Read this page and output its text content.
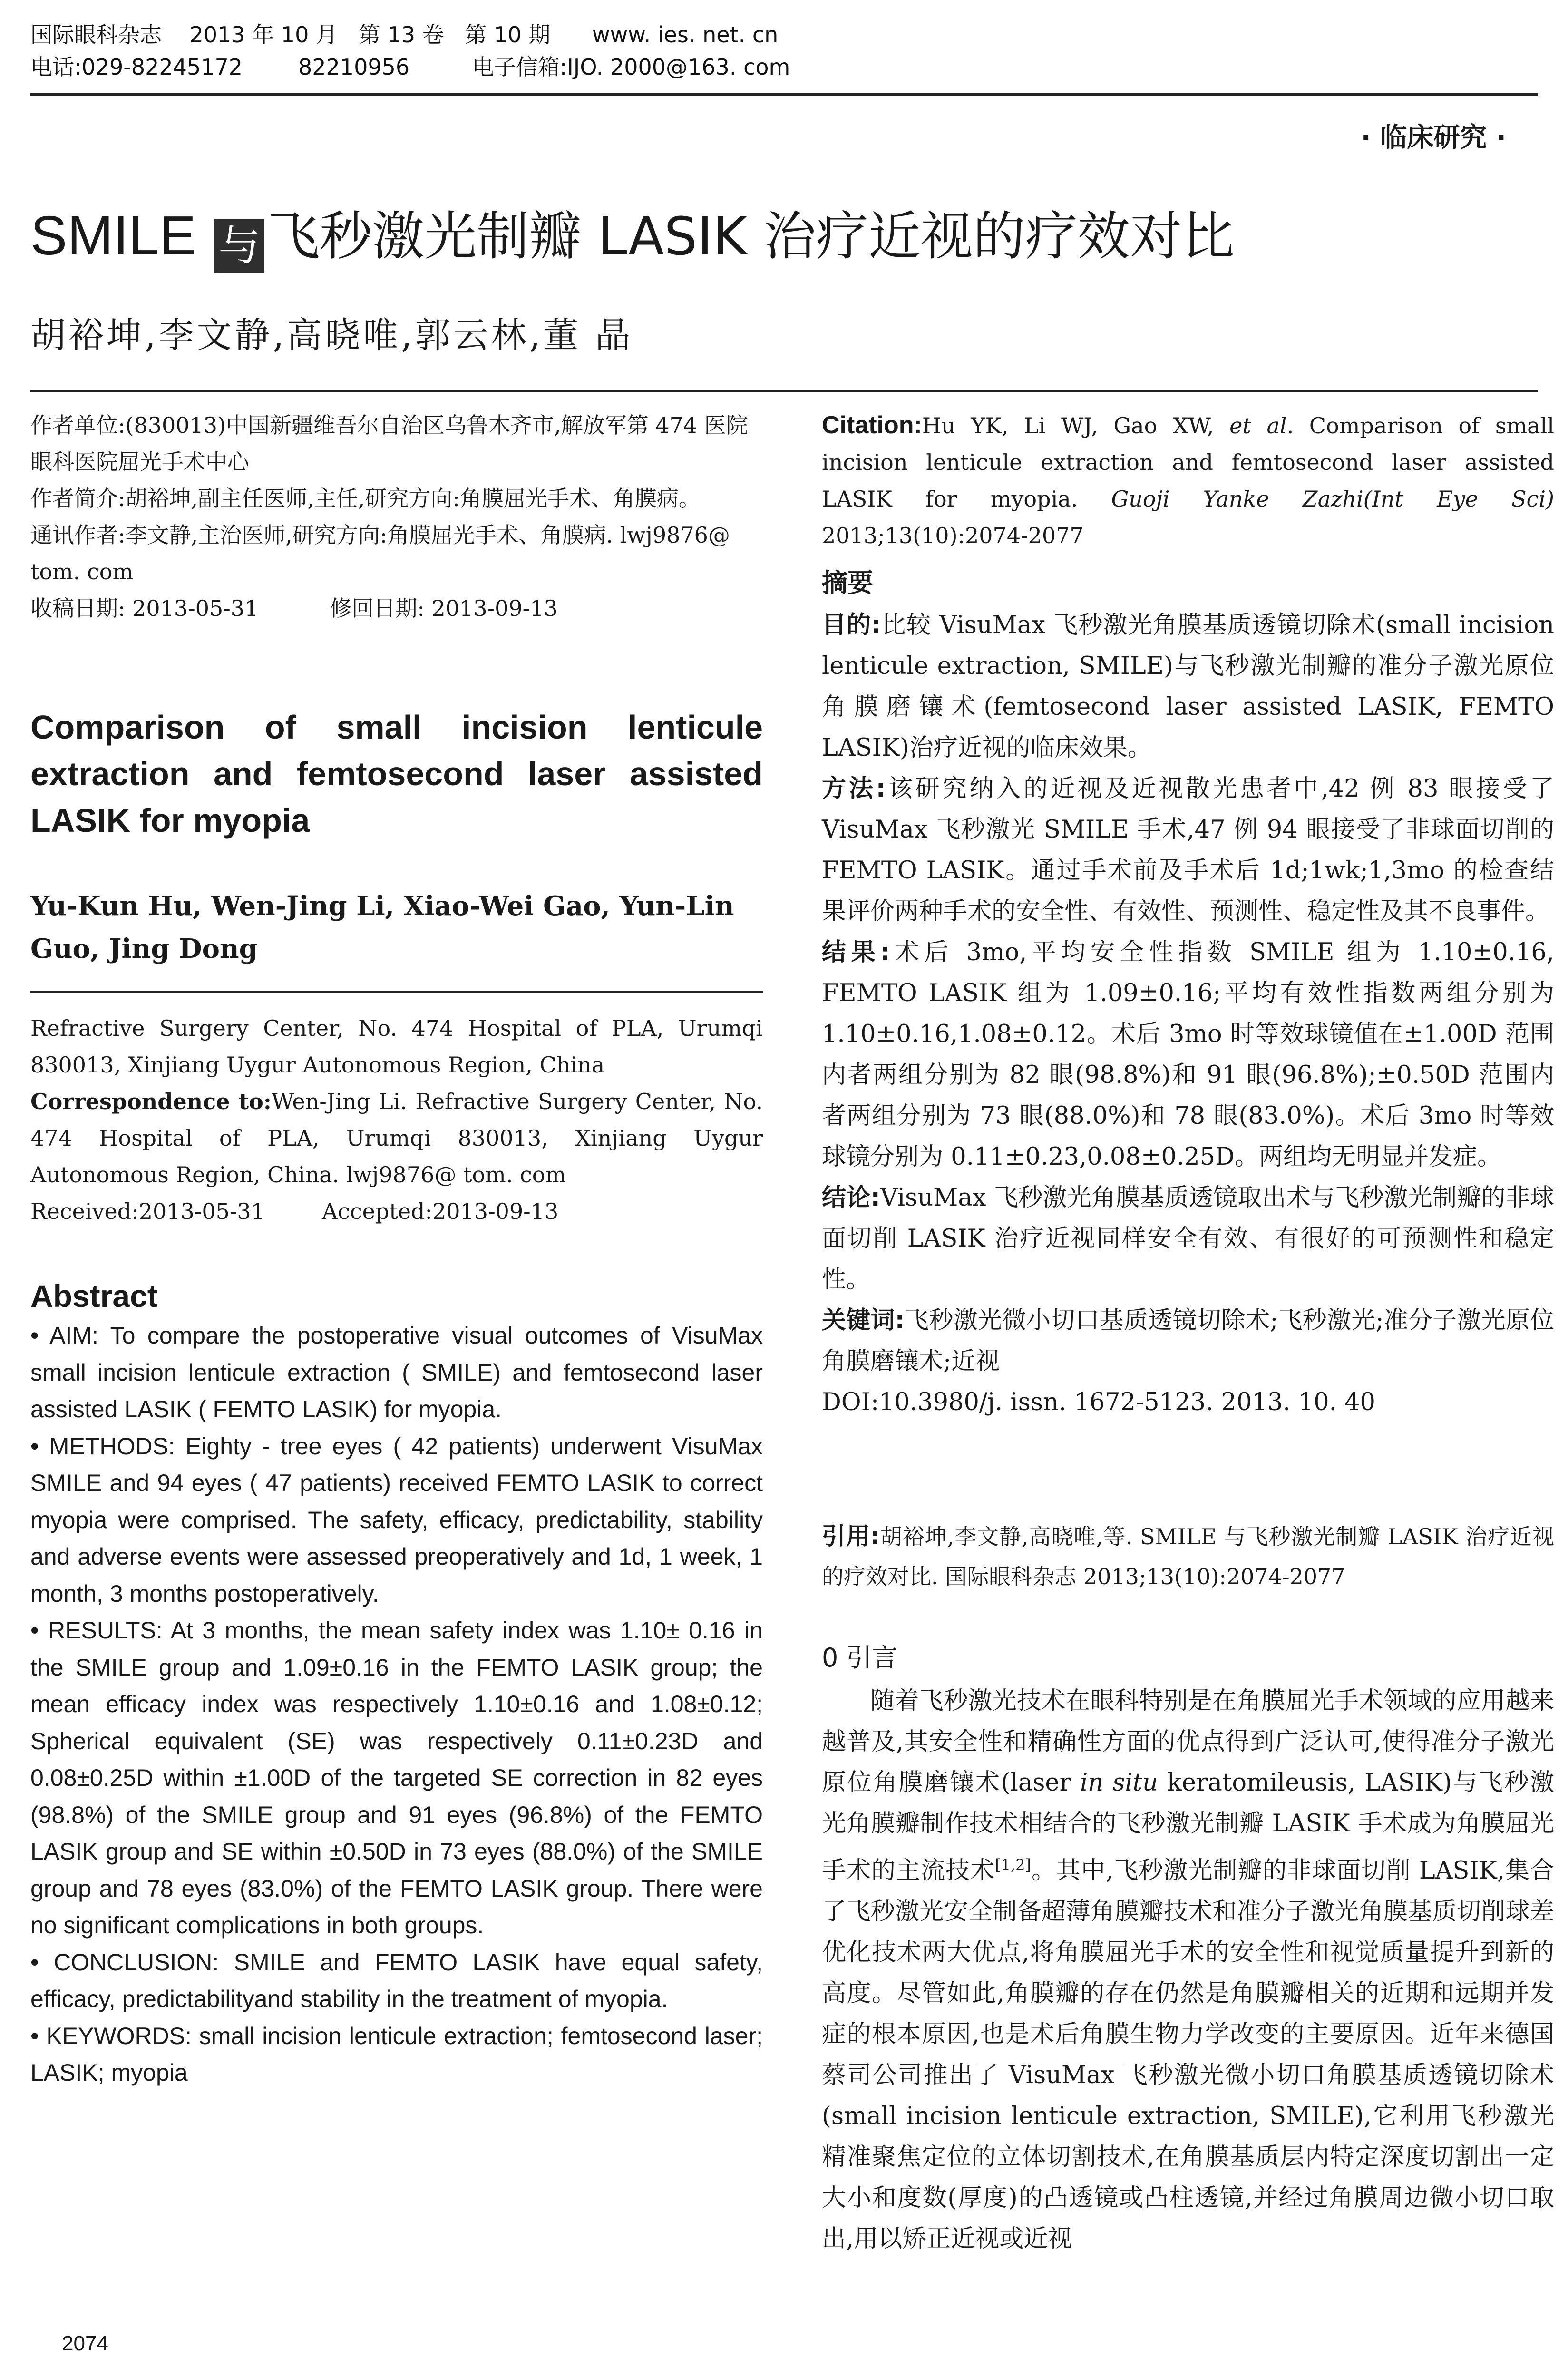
国际眼科杂志    2013 年 10 月   第 13 卷   第 10 期      www. ies. net. cn
电话:029-82245172        82210956         电子信箱:IJO. 2000@163. com
· 临床研究 ·
SMILE 与 飞秒激光制瓣 LASIK 治疗近视的疗效对比
胡裕坤,李文静,高晓唯,郭云林,董 晶

作者单位:(830013)中国新疆维吾尔自治区乌鲁木齐市,解放军第 474 医院眼科医院屈光手术中心

作者简介:胡裕坤,副主任医师,主任,研究方向:角膜屈光手术、角膜病。

通讯作者:李文静,主治医师,研究方向:角膜屈光手术、角膜病. lwj9876@ tom. com

收稿日期: 2013-05-31	修回日期: 2013-09-13

Comparison of small incision lenticule extraction and femtosecond laser assisted LASIK for myopia
Yu-Kun Hu, Wen-Jing Li, Xiao-Wei Gao, Yun-Lin Guo, Jing Dong

Refractive Surgery Center, No. 474 Hospital of PLA, Urumqi 830013, Xinjiang Uygur Autonomous Region, China

Correspondence to:Wen-Jing Li. Refractive Surgery Center, No. 474 Hospital of PLA, Urumqi 830013, Xinjiang Uygur Autonomous Region, China. lwj9876@ tom. com

Received:2013-05-31	Accepted:2013-09-13

Abstract

• AIM: To compare the postoperative visual outcomes of VisuMax small incision lenticule extraction ( SMILE) and femtosecond laser assisted LASIK ( FEMTO LASIK) for myopia.

• METHODS: Eighty - tree eyes ( 42 patients) underwent VisuMax SMILE and 94 eyes ( 47 patients) received FEMTO LASIK to correct myopia were comprised. The safety, efficacy, predictability, stability and adverse events were assessed preoperatively and 1d, 1 week, 1 month, 3 months postoperatively.

• RESULTS: At 3 months, the mean safety index was 1.10± 0.16 in the SMILE group and 1.09±0.16 in the FEMTO LASIK group; the mean efficacy index was respectively 1.10±0.16 and 1.08±0.12; Spherical equivalent (SE) was respectively 0.11±0.23D and 0.08±0.25D within ±1.00D of the targeted SE correction in 82 eyes (98.8%) of the SMILE group and 91 eyes (96.8%) of the FEMTO LASIK group and SE within ±0.50D in 73 eyes (88.0%) of the SMILE group and 78 eyes (83.0%) of the FEMTO LASIK group. There were no significant complications in both groups.

• CONCLUSION: SMILE and FEMTO LASIK have equal safety, efficacy, predictabilityand stability in the treatment of myopia.

• KEYWORDS: small incision lenticule extraction; femtosecond laser; LASIK; myopia

2074
Citation:Hu YK, Li WJ, Gao XW, et al. Comparison of small incision lenticule extraction and femtosecond laser assisted LASIK for myopia. Guoji Yanke Zazhi(Int Eye Sci) 2013;13(10):2074-2077
摘要

目的:比较 VisuMax 飞秒激光角膜基质透镜切除术(small incision lenticule extraction, SMILE)与飞秒激光制瓣的准分子激光原位角膜磨镶术(femtosecond laser assisted LASIK, FEMTO LASIK)治疗近视的临床效果。

方法:该研究纳入的近视及近视散光患者中,42 例 83 眼接受了 VisuMax 飞秒激光 SMILE 手术,47 例 94 眼接受了非球面切削的 FEMTO LASIK。通过手术前及手术后 1d;1wk;1,3mo 的检查结果评价两种手术的安全性、有效性、预测性、稳定性及其不良事件。

结果:术后 3mo,平均安全性指数 SMILE 组为 1.10±0.16, FEMTO LASIK 组为 1.09±0.16;平均有效性指数两组分别为 1.10±0.16,1.08±0.12。术后 3mo 时等效球镜值在±1.00D 范围内者两组分别为 82 眼(98.8%)和 91 眼(96.8%);±0.50D 范围内者两组分别为 73 眼(88.0%)和 78 眼(83.0%)。术后 3mo 时等效球镜分别为 0.11±0.23,0.08±0.25D。两组均无明显并发症。

结论:VisuMax 飞秒激光角膜基质透镜取出术与飞秒激光制瓣的非球面切削 LASIK 治疗近视同样安全有效、有很好的可预测性和稳定性。

关键词:飞秒激光微小切口基质透镜切除术;飞秒激光;准分子激光原位角膜磨镶术;近视

DOI:10.3980/j. issn. 1672-5123. 2013. 10. 40

引用:胡裕坤,李文静,高晓唯,等. SMILE 与飞秒激光制瓣 LASIK 治疗近视的疗效对比. 国际眼科杂志 2013;13(10):2074-2077
0 引言
随着飞秒激光技术在眼科特别是在角膜屈光手术领域的应用越来越普及,其安全性和精确性方面的优点得到广泛认可,使得准分子激光原位角膜磨镶术(laser in situ keratomileusis, LASIK)与飞秒激光角膜瓣制作技术相结合的飞秒激光制瓣 LASIK 手术成为角膜屈光手术的主流技术[1,2]。其中,飞秒激光制瓣的非球面切削 LASIK,集合了飞秒激光安全制备超薄角膜瓣技术和准分子激光角膜基质切削球差优化技术两大优点,将角膜屈光手术的安全性和视觉质量提升到新的高度。尽管如此,角膜瓣的存在仍然是角膜瓣相关的近期和远期并发症的根本原因,也是术后角膜生物力学改变的主要原因。近年来德国蔡司公司推出了 VisuMax 飞秒激光微小切口角膜基质透镜切除术(small incision lenticule extraction, SMILE),它利用飞秒激光精准聚焦定位的立体切割技术,在角膜基质层内特定深度切割出一定大小和度数(厚度)的凸透镜或凸柱透镜,并经过角膜周边微小切口取出,用以矫正近视或近视
